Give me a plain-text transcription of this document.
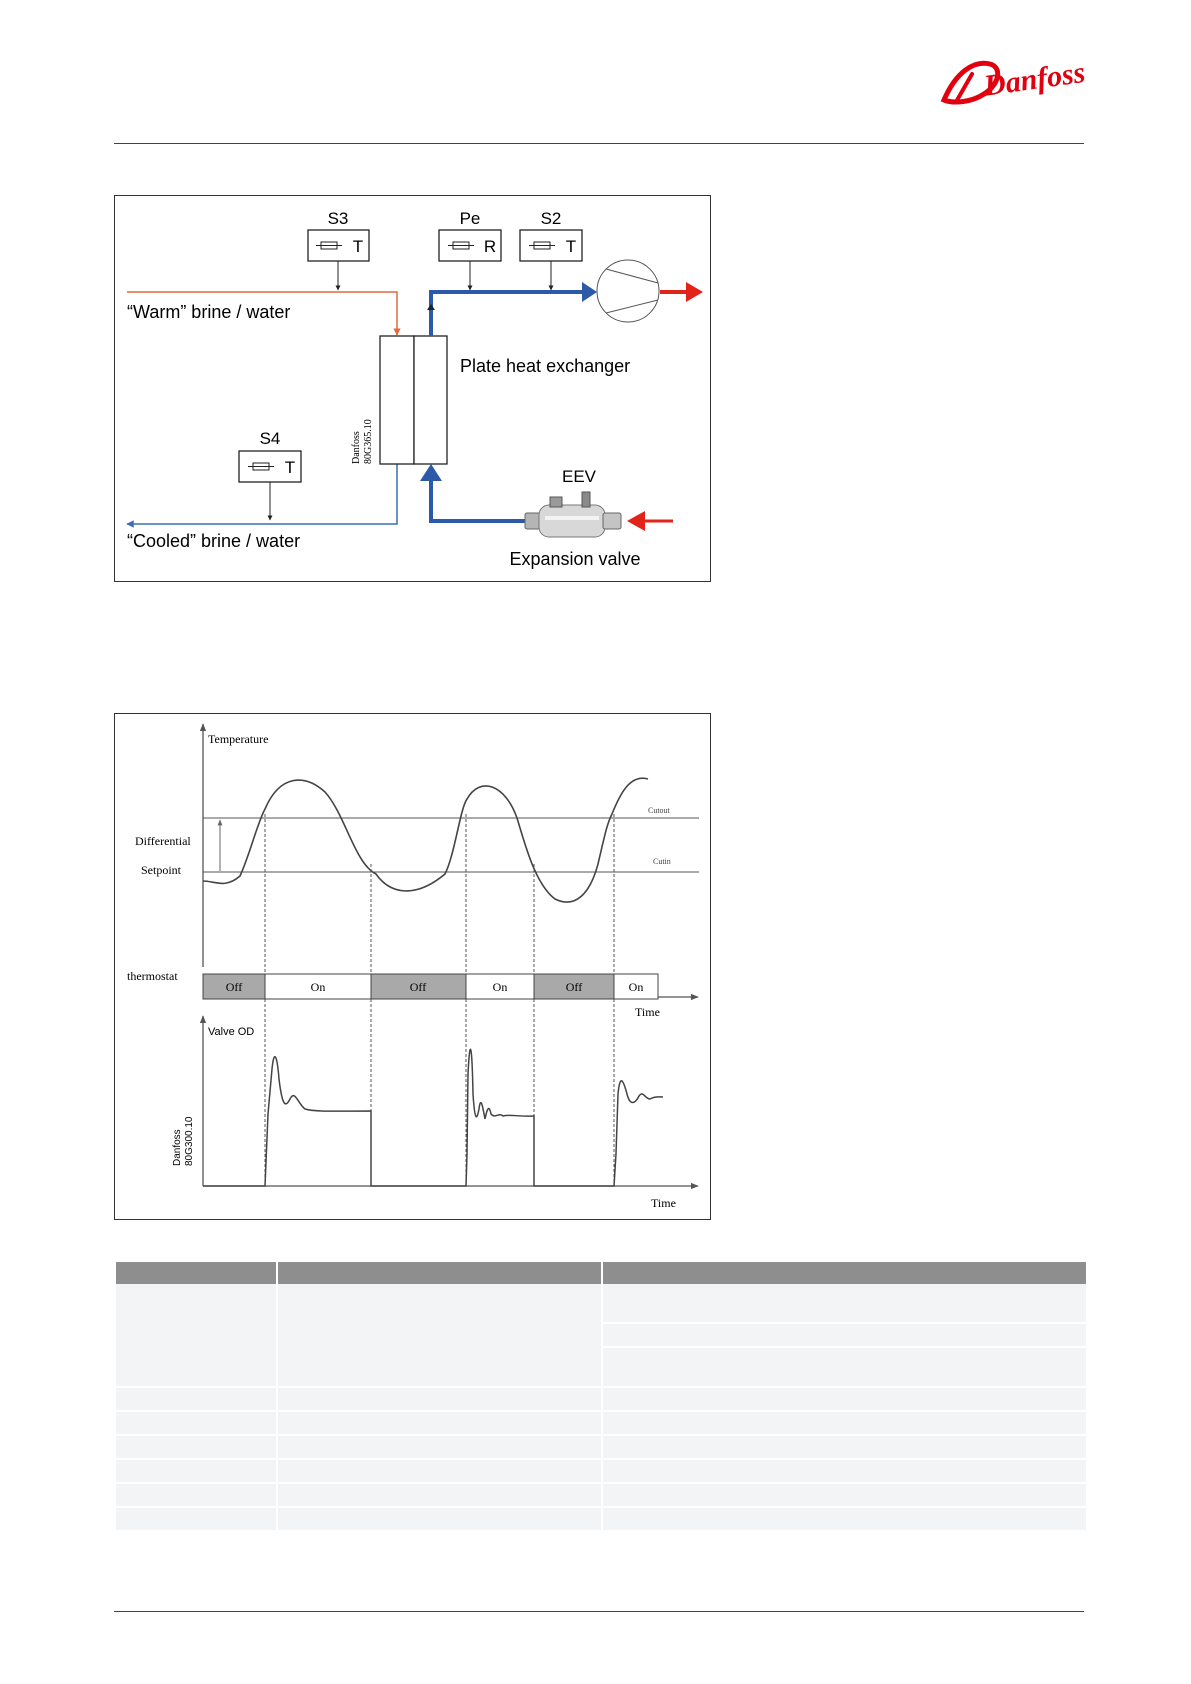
Danfoss
S3
T
Pe
R
S2
T
S4
T
“Warm” brine / water
“Cooled” brine / water
Plate heat exchanger
Danfoss 80G365.10
EEV
Expansion valve
Temperature
Cutout
Cutin
Differential
Setpoint
thermostat
Off	On	Off	On	Off	On
Time
Valve OD
Danfoss 80G300.10
Time
